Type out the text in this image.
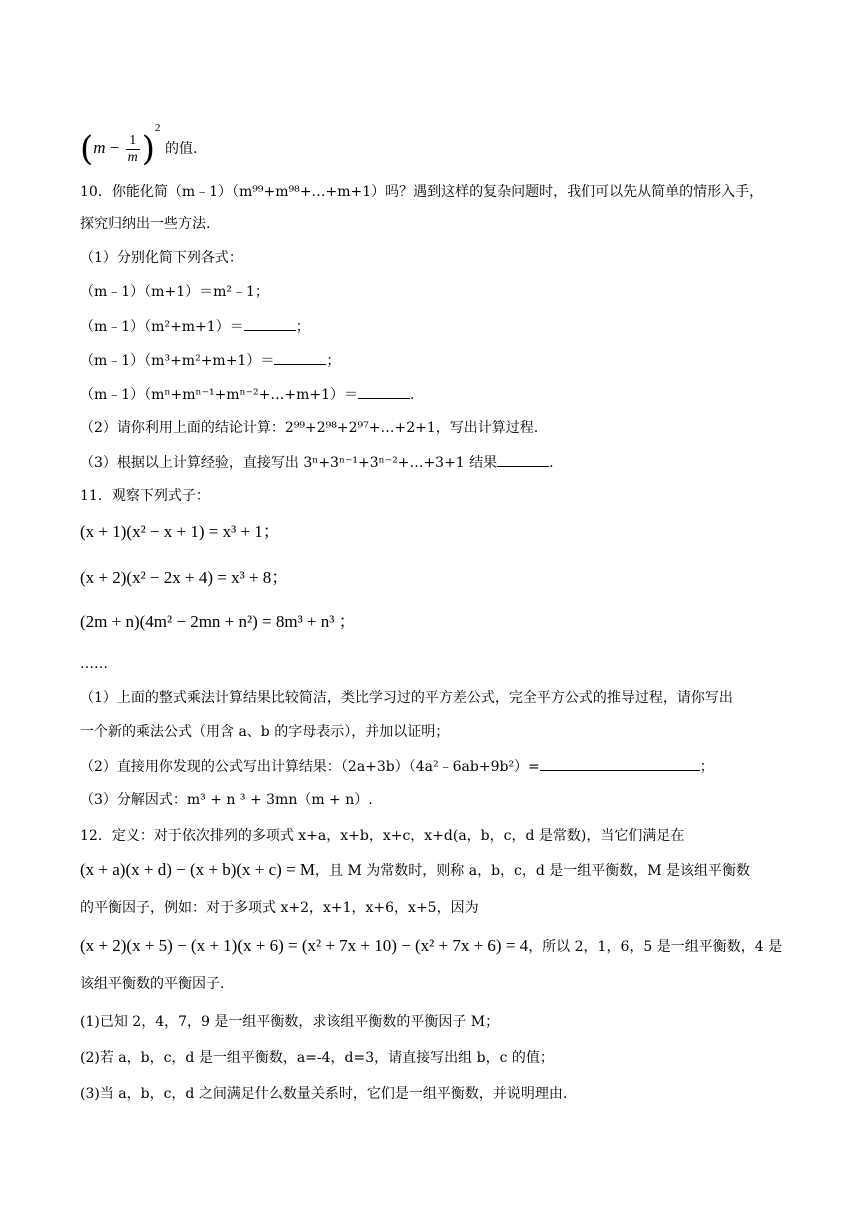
$(m - \frac{1}{m} )^2$ 的值.
10．你能化简（m﹣1）（m⁹⁹+m⁹⁸+…+m+1）吗？遇到这样的复杂问题时，我们可以先从简单的情形入手，
探究归纳出一些方法.
（1）分别化简下列各式：
（m﹣1）（m+1）＝m²﹣1；
（m﹣1）（m²+m+1）＝	；
（m﹣1）（m³+m²+m+1）＝	；
（m﹣1）（mⁿ+mⁿ⁻¹+mⁿ⁻²+…+m+1）＝	.
（2）请你利用上面的结论计算：2⁹⁹+2⁹⁸+2⁹⁷+…+2+1，写出计算过程.
（3）根据以上计算经验，直接写出 3ⁿ+3ⁿ⁻¹+3ⁿ⁻²+…+3+1 结果	.
11．观察下列式子：
(x + 1)(x² − x + 1) = x³ + 1；
(x + 2)(x² − 2x + 4) = x³ + 8；
(2m + n)(4m² − 2mn + n²) = 8m³ + n³ ；
……
（1）上面的整式乘法计算结果比较简洁，类比学习过的平方差公式，完全平方公式的推导过程，请你写出
一个新的乘法公式（用含 a、b 的字母表示），并加以证明；
（2）直接用你发现的公式写出计算结果：（2a+3b）（4a²﹣6ab+9b²）=	；
（3）分解因式：m³ + n ³ + 3mn（m + n）.
12．定义：对于依次排列的多项式 x+a，x+b，x+c，x+d(a，b，c，d 是常数)，当它们满足在
(x + a)(x + d) − (x + b)(x + c) = M，且 M 为常数时，则称 a，b，c，d 是一组平衡数，M 是该组平衡数
的平衡因子，例如：对于多项式 x+2，x+1，x+6，x+5，因为
(x + 2)(x + 5) − (x + 1)(x + 6) = (x² + 7x + 10) − (x² + 7x + 6) = 4，所以 2，1，6，5 是一组平衡数，4 是
该组平衡数的平衡因子.
(1)已知 2，4，7，9 是一组平衡数，求该组平衡数的平衡因子 M；
(2)若 a，b，c，d 是一组平衡数，a=-4，d=3，请直接写出组 b，c 的值；
(3)当 a，b，c，d 之间满足什么数量关系时，它们是一组平衡数，并说明理由.
